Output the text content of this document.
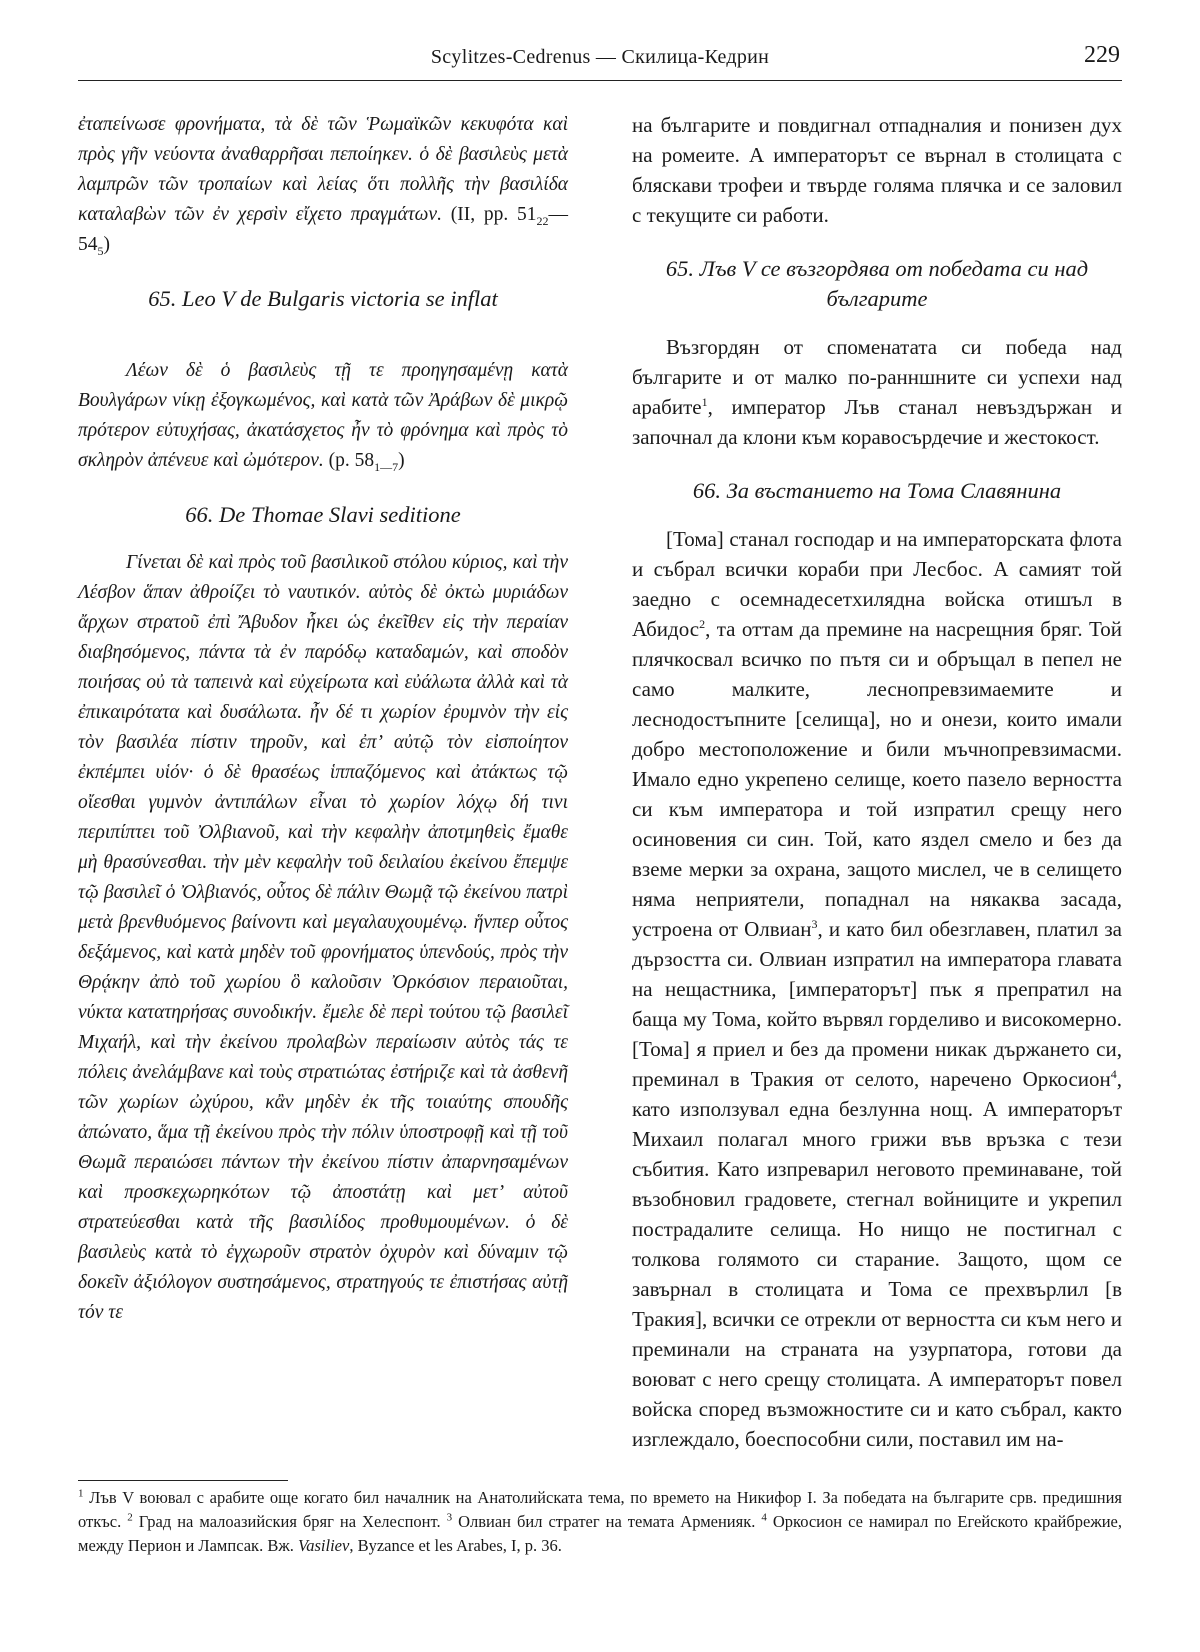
Scylitzes-Cedrenus — Скилица-Кедрин	229

ἐταπείνωσε φρονήματα, τὰ δὲ τῶν Ῥωμαϊκῶν κεκυφότα καὶ πρὸς γῆν νεύοντα ἀναθαρρῆσαι πεποίηκεν. ὁ δὲ βασιλεὺς μετὰ λαμπρῶν τῶν τροπαίων καὶ λείας ὅτι πολλῆς τὴν βασιλίδα καταλαβὼν τῶν ἐν χερσὶν εἴχετο πραγμάτων. (II, pp. $51_{22}—54_5$)

65. Leo V de Bulgaris victoria se inflat

Λέων δὲ ὁ βασιλεὺς τῇ τε προηγησαμένῃ κατὰ Βουλγάρων νίκῃ ἐξογκωμένος, καὶ κατὰ τῶν Ἀράβων δὲ μικρῷ πρότερον εὐτυχήσας, ἀκατάσχετος ἦν τὸ φρόνημα καὶ πρὸς τὸ σκληρὸν ἀπένευε καὶ ὠμότερον. (p. $58_{1—7}$)

66. De Thomae Slavi seditione

Γίνεται δὲ καὶ πρὸς τοῦ βασιλικοῦ στόλου κύριος, καὶ τὴν Λέσβον ἅπαν ἀθροίζει τὸ ναυτικόν. αὐτὸς δὲ ὀκτὼ μυριάδων ἄρχων στρατοῦ ἐπὶ Ἄβυδον ἧκει ὡς ἐκεῖθεν εἰς τὴν περαίαν διαβησόμενος, πάντα τὰ ἐν παρόδῳ καταδαμών, καὶ σποδὸν ποιήσας οὐ τὰ ταπεινὰ καὶ εὐχείρωτα καὶ εὐάλωτα ἀλλὰ καὶ τὰ ἐπικαιρότατα καὶ δυσάλωτα. ἦν δέ τι χωρίον ἐρυμνὸν τὴν εἰς τὸν βασιλέα πίστιν τηροῦν, καὶ ἐπ’ αὐτῷ τὸν εἰσποίητον ἐκπέμπει υἱόν· ὁ δὲ θρασέως ἱππαζόμενος καὶ ἀτάκτως τῷ οἴεσθαι γυμνὸν ἀντιπάλων εἶναι τὸ χωρίον λόχῳ δή τινι περιπίπτει τοῦ Ὀλβιανοῦ, καὶ τὴν κεφαλὴν ἀποτμηθεὶς ἔμαθε μὴ θρασύνεσθαι. τὴν μὲν κεφαλὴν τοῦ δειλαίου ἐκείνου ἔπεμψε τῷ βασιλεῖ ὁ Ὀλβιανός, οὗτος δὲ πάλιν Θωμᾷ τῷ ἐκείνου πατρὶ μετὰ βρενθυόμενος βαίνοντι καὶ μεγαλαυχουμένῳ. ἥνπερ οὗτος δεξάμενος, καὶ κατὰ μηδὲν τοῦ φρονήματος ὑπενδούς, πρὸς τὴν Θρᾴκην ἀπὸ τοῦ χωρίου ὃ καλοῦσιν Ὀρκόσιον περαιοῦται, νύκτα κατατηρήσας συνοδικήν. ἔμελε δὲ περὶ τούτου τῷ βασιλεῖ Μιχαήλ, καὶ τὴν ἐκείνου προλαβὼν περαίωσιν αὐτὸς τάς τε πόλεις ἀνελάμβανε καὶ τοὺς στρατιώτας ἐστήριζε καὶ τὰ ἀσθενῆ τῶν χωρίων ὠχύρου, κἂν μηδὲν ἐκ τῆς τοιαύτης σπουδῆς ἀπώνατο, ἅμα τῇ ἐκείνου πρὸς τὴν πόλιν ὑποστροφῇ καὶ τῇ τοῦ Θωμᾶ περαιώσει πάντων τὴν ἐκείνου πίστιν ἀπαρνησαμένων καὶ προσκεχωρηκότων τῷ ἀποστάτῃ καὶ μετ’ αὐτοῦ στρατεύεσθαι κατὰ τῆς βασιλίδος προθυμουμένων. ὁ δὲ βασιλεὺς κατὰ τὸ ἐγχωροῦν στρατὸν ὀχυρὸν καὶ δύναμιν τῷ δοκεῖν ἀξιόλογον συστησάμενος, στρατηγούς τε ἐπιστήσας αὐτῇ τόν τε

на българите и повдигнал отпадналия и понизен дух на ромеите. А императорът се върнал в столицата с бляскави трофеи и твърде голяма плячка и се заловил с текущите си работи.

65. Лъв V се възгордява от победата си над българите

Възгордян от споменатата си победа над българите и от малко по-ранншните си успехи над арабите$^1$, император Лъв станал невъздържан и започнал да клони към коравосърдечие и жестокост.

66. За въстанието на Тома Славянина

[Тома] станал господар и на императорската флота и събрал всички кораби при Лесбос. А самият той заедно с осемнадесетхилядна войска отишъл в Абидос$^2$, та оттам да премине на насрещния бряг. Той плячкосвал всичко по пътя си и обръщал в пепел не само малките, леснопревзимаемите и леснодостъпните [селища], но и онези, които имали добро местоположение и били мъчнопревзимасми. Имало едно укрепено селище, което пазело верността си към императора и той изпратил срещу него осиновения си син. Той, като яздел смело и без да вземе мерки за охрана, защото мислел, че в селището няма неприятели, попаднал на някаква засада, устроена от Олвиан$^3$, и като бил обезглавен, платил за дързостта си. Олвиан изпратил на императора главата на нещастника, [императорът] пък я препратил на баща му Тома, който вървял горделиво и високомерно. [Тома] я приел и без да промени никак държането си, преминал в Тракия от селото, наречено Оркосион$^4$, като използувал една безлунна нощ. А императорът Михаил полагал много грижи във връзка с тези събития. Като изпреварил неговото преминаване, той възобновил градовете, стегнал войниците и укрепил пострадалите селища. Но нищо не постигнал с толкова голямото си старание. Защото, щом се завърнал в столицата и Тома се прехвърлил [в Тракия], всички се отрекли от верността си към него и преминали на страната на узурпатора, готови да воюват с него срещу столицата. А императорът повел войска според възможностите си и като събрал, както изглеждало, боеспособни сили, поставил им на-

$^1$ Лъв V воювал с арабите още когато бил началник на Анатолийската тема, по времето на Никифор I. За победата на българите срв. предишния откъс. $^2$ Град на малоазийския бряг на Хелеспонт. $^3$ Олвиан бил стратег на темата Арменияк. $^4$ Оркосион се намирал по Егейското крайбрежие, между Перион и Лампсак. Вж. Vasiliev, Byzance et les Arabes, I, p. 36.
